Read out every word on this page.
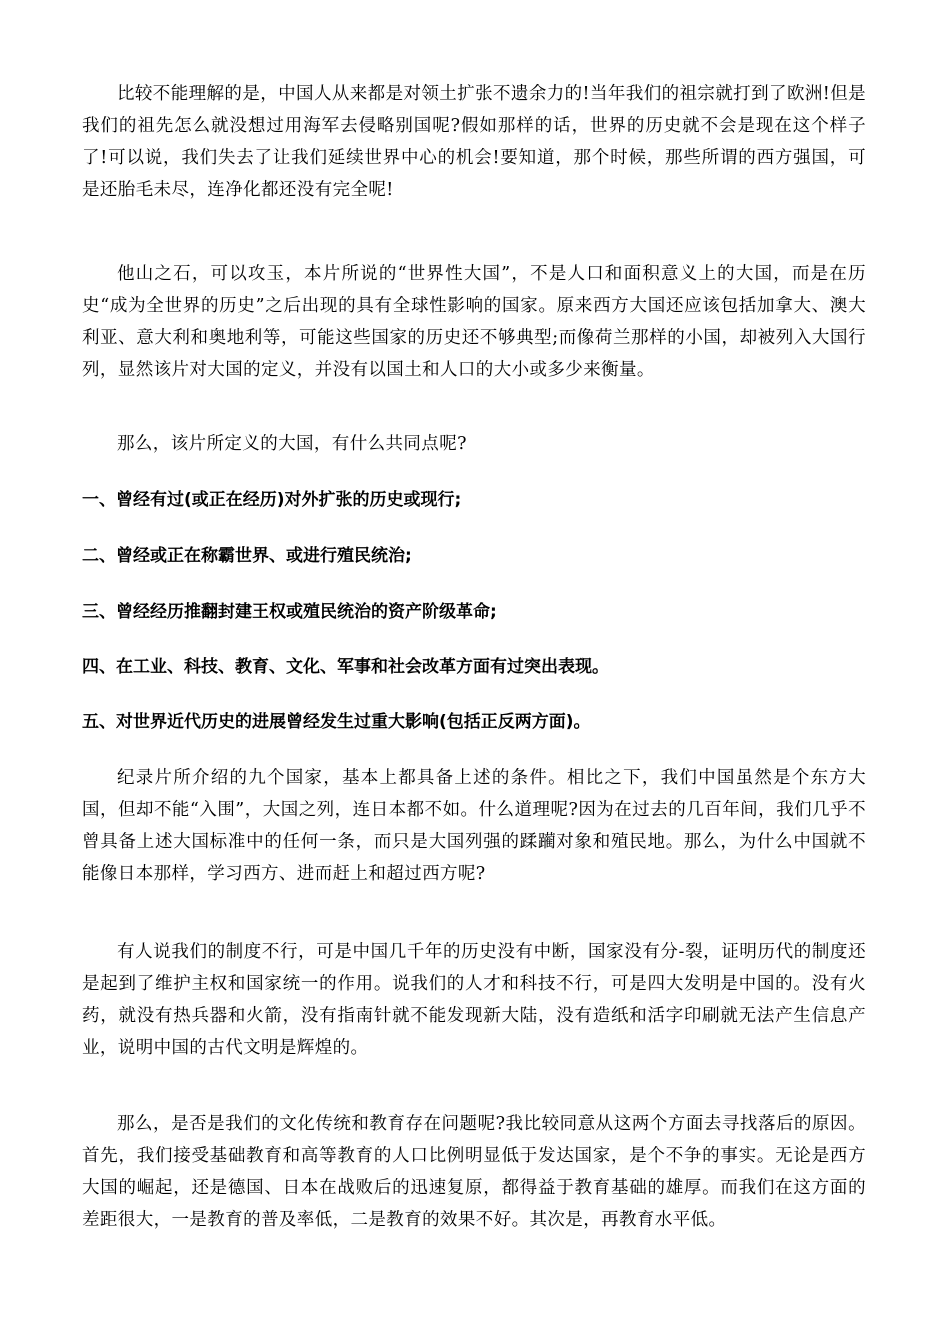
比较不能理解的是，中国人从来都是对领土扩张不遗余力的!当年我们的祖宗就打到了欧洲!但是我们的祖先怎么就没想过用海军去侵略别国呢?假如那样的话，世界的历史就不会是现在这个样子了!可以说，我们失去了让我们延续世界中心的机会!要知道，那个时候，那些所谓的西方强国，可是还胎毛未尽，连净化都还没有完全呢!

他山之石，可以攻玉，本片所说的“世界性大国”，不是人口和面积意义上的大国，而是在历史“成为全世界的历史”之后出现的具有全球性影响的国家。原来西方大国还应该包括加拿大、澳大利亚、意大利和奥地利等，可能这些国家的历史还不够典型;而像荷兰那样的小国，却被列入大国行列，显然该片对大国的定义，并没有以国土和人口的大小或多少来衡量。

那么，该片所定义的大国，有什么共同点呢?

一、曾经有过(或正在经历)对外扩张的历史或现行;

二、曾经或正在称霸世界、或进行殖民统治;

三、曾经经历推翻封建王权或殖民统治的资产阶级革命;

四、在工业、科技、教育、文化、军事和社会改革方面有过突出表现。

五、对世界近代历史的进展曾经发生过重大影响(包括正反两方面)。

纪录片所介绍的九个国家，基本上都具备上述的条件。相比之下，我们中国虽然是个东方大国，但却不能“入围”，大国之列，连日本都不如。什么道理呢?因为在过去的几百年间，我们几乎不曾具备上述大国标准中的任何一条，而只是大国列强的蹂躏对象和殖民地。那么，为什么中国就不能像日本那样，学习西方、进而赶上和超过西方呢?

有人说我们的制度不行，可是中国几千年的历史没有中断，国家没有分-裂，证明历代的制度还是起到了维护主权和国家统一的作用。说我们的人才和科技不行，可是四大发明是中国的。没有火药，就没有热兵器和火箭，没有指南针就不能发现新大陆，没有造纸和活字印刷就无法产生信息产业，说明中国的古代文明是辉煌的。

那么，是否是我们的文化传统和教育存在问题呢?我比较同意从这两个方面去寻找落后的原因。首先，我们接受基础教育和高等教育的人口比例明显低于发达国家，是个不争的事实。无论是西方大国的崛起，还是德国、日本在战败后的迅速复原，都得益于教育基础的雄厚。而我们在这方面的差距很大，一是教育的普及率低，二是教育的效果不好。其次是，再教育水平低。
